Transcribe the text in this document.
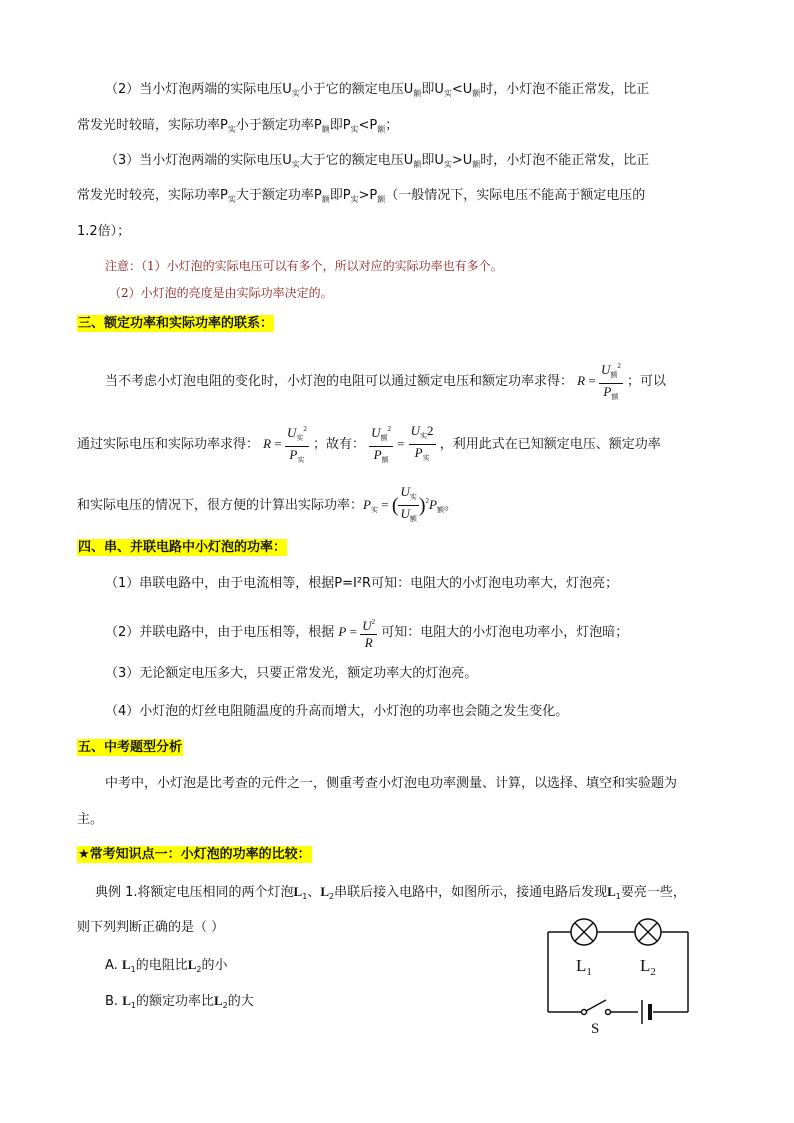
（2）当小灯泡两端的实际电压$U_实$小于它的额定电压$U_额$即$U_实<U_额$时，小灯泡不能正常发，比正
常发光时较暗，实际功率$P_实$小于额定功率$P_额$即$P_实<P_额$；
（3）当小灯泡两端的实际电压$U_实$大于它的额定电压$U_额$即$U_实>U_额$时，小灯泡不能正常发，比正
常发光时较亮，实际功率$P_实$大于额定功率$P_额$即$P_实>P_额$（一般情况下，实际电压不能高于额定电压的
1.2倍）；
注意：（1）小灯泡的实际电压可以有多个，所以对应的实际功率也有多个。
（2）小灯泡的亮度是由实际功率决定的。
三、额定功率和实际功率的联系：
当不考虑小灯泡电阻的变化时，小灯泡的电阻可以通过额定电压和额定功率求得： $R = \frac{U_额^2}{P_额}$ ；可以
通过实际电压和实际功率求得： $R = \frac{U_实^2}{P_实}$ ；故有： $\frac{U_额^2}{P_额} = \frac{U_实2}{P_实}$ ，利用此式在已知额定电压、额定功率
和实际电压的情况下，很方便的计算出实际功率：$P_实$ = ( $\frac{U_实}{U_额} )^2P_额$。
四、串、并联电路中小灯泡的功率：
（1）串联电路中，由于电流相等，根据P=I²R可知：电阻大的小灯泡电功率大，灯泡亮；
（2）并联电路中，由于电压相等，根据 $P = \frac{U^2}{R}$ 可知：电阻大的小灯泡电功率小，灯泡暗；
（3）无论额定电压多大，只要正常发光，额定功率大的灯泡亮。
（4）小灯泡的灯丝电阻随温度的升高而增大，小灯泡的功率也会随之发生变化。
五、中考题型分析
中考中，小灯泡是比考查的元件之一，侧重考查小灯泡电功率测量、计算，以选择、填空和实验题为
主。
★常考知识点一：小灯泡的功率的比较：
典例 1.将额定电压相同的两个灯泡$L_1$、$L_2$串联后接入电路中，如图所示，接通电路后发现$L_1$要亮一些，
则下列判断正确的是（ ）
A. $L_1$的电阻比$L_2$的小
B. $L_1$的额定功率比$L_2$的大
$L_1$	$L_2$
S
